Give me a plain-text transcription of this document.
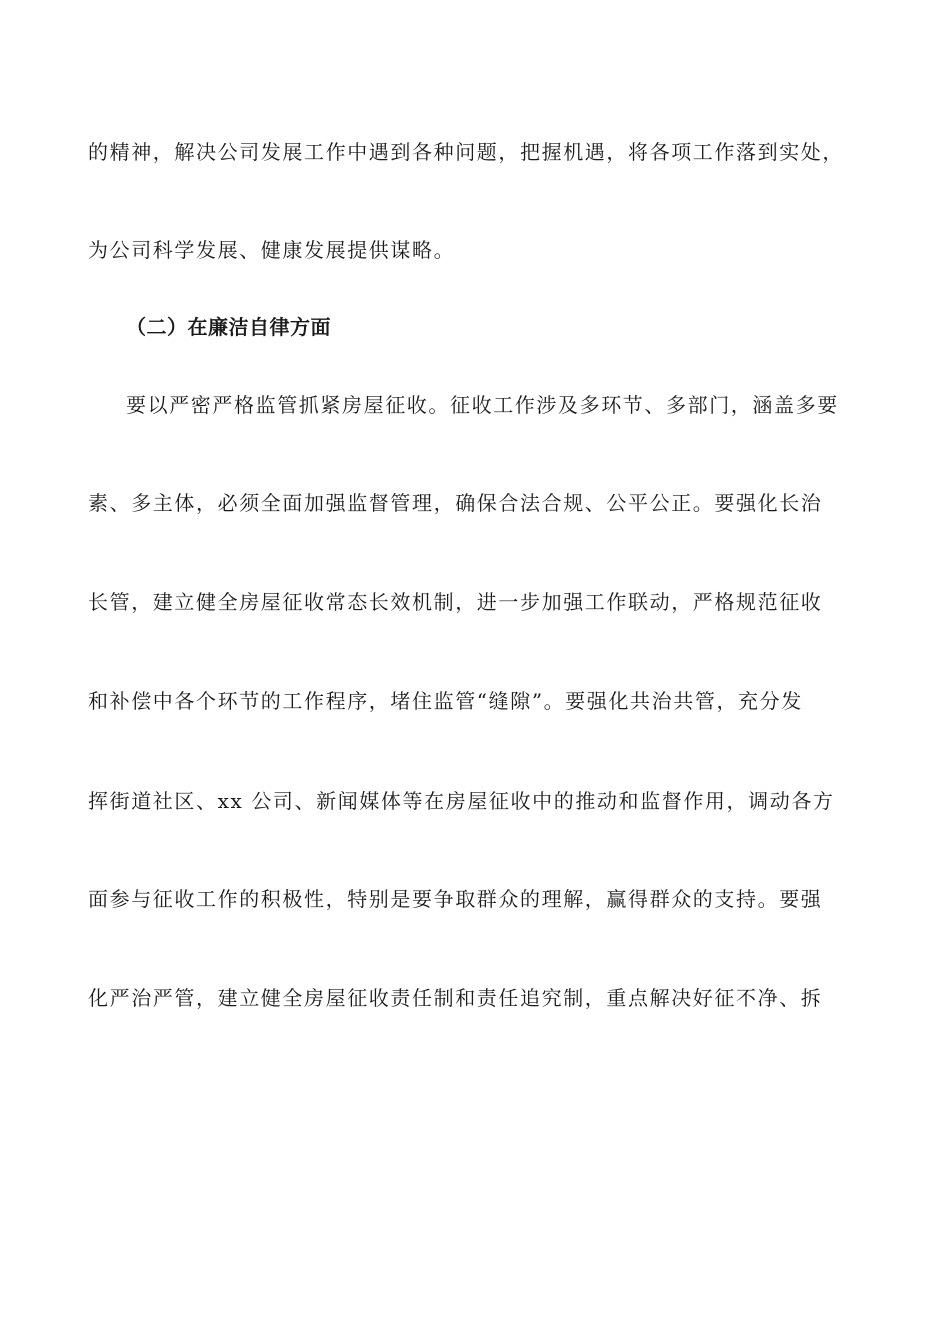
的精神，解决公司发展工作中遇到各种问题，把握机遇，将各项工作落到实处，
为公司科学发展、健康发展提供谋略。
（二）在廉洁自律方面
要以严密严格监管抓紧房屋征收。征收工作涉及多环节、多部门，涵盖多要
素、多主体，必须全面加强监督管理，确保合法合规、公平公正。要强化长治
长管，建立健全房屋征收常态长效机制，进一步加强工作联动，严格规范征收
和补偿中各个环节的工作程序，堵住监管“缝隙”。要强化共治共管，充分发
挥街道社区、xx 公司、新闻媒体等在房屋征收中的推动和监督作用，调动各方
面参与征收工作的积极性，特别是要争取群众的理解，赢得群众的支持。要强
化严治严管，建立健全房屋征收责任制和责任追究制，重点解决好征不净、拆
